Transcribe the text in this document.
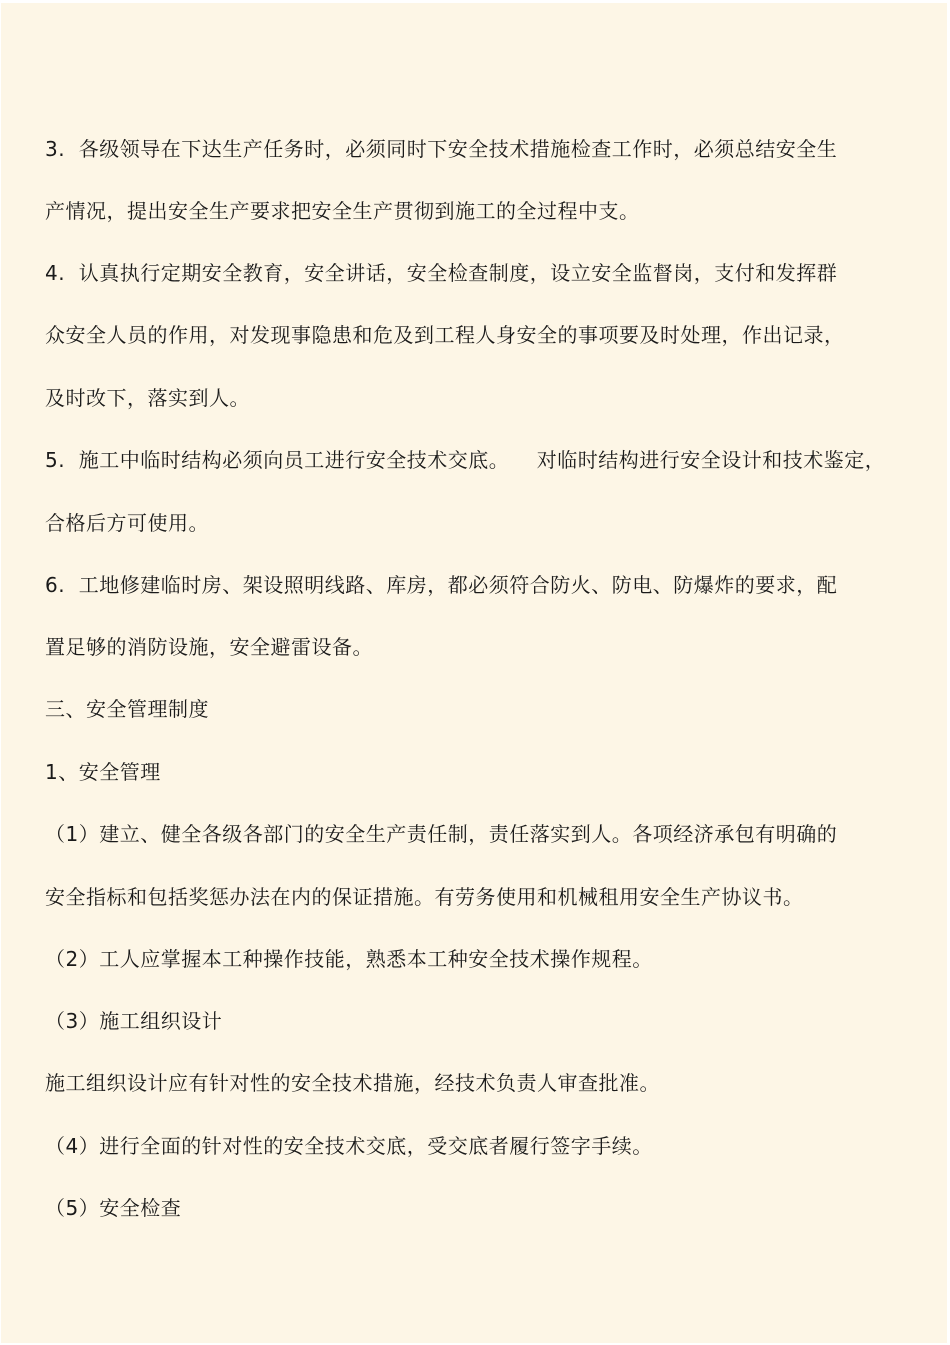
3.  各级领导在下达生产任务时，必须同时下安全技术措施检查工作时，必须总结安全生
产情况，提出安全生产要求把安全生产贯彻到施工的全过程中支。
4.  认真执行定期安全教育，安全讲话，安全检查制度，设立安全监督岗，支付和发挥群
众安全人员的作用，对发现事隐患和危及到工程人身安全的事项要及时处理，作出记录，
及时改下，落实到人。
5.  施工中临时结构必须向员工进行安全技术交底。    对临时结构进行安全设计和技术鉴定，
合格后方可使用。
6.  工地修建临时房、架设照明线路、库房，都必须符合防火、防电、防爆炸的要求，配
置足够的消防设施，安全避雷设备。
三、安全管理制度
1、安全管理
（1）建立、健全各级各部门的安全生产责任制，责任落实到人。各项经济承包有明确的
安全指标和包括奖惩办法在内的保证措施。有劳务使用和机械租用安全生产协议书。
（2）工人应掌握本工种操作技能，熟悉本工种安全技术操作规程。
（3）施工组织设计
施工组织设计应有针对性的安全技术措施，经技术负责人审查批准。
（4）进行全面的针对性的安全技术交底，受交底者履行签字手续。
（5）安全检查
